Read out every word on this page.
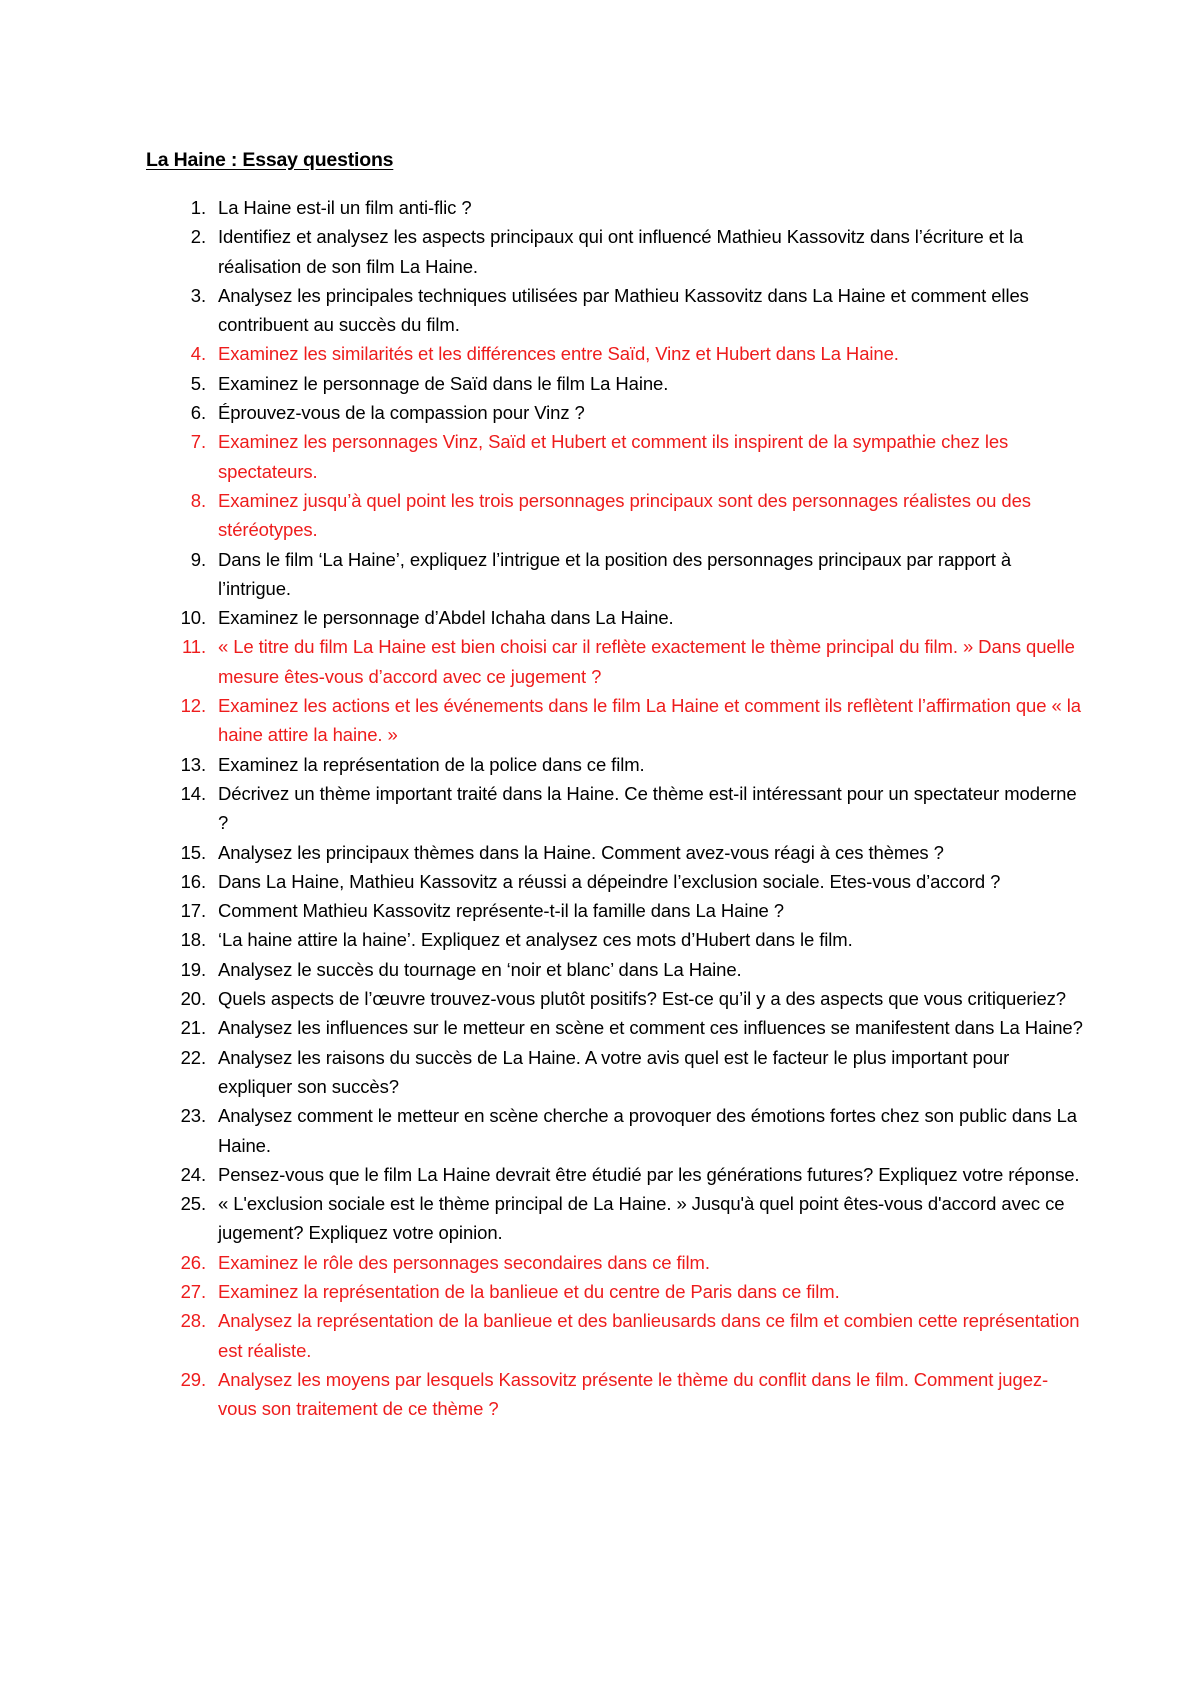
La Haine : Essay questions
1. La Haine est-il un film anti-flic ?
2. Identifiez et analysez les aspects principaux qui ont influencé Mathieu Kassovitz dans l’écriture et la réalisation de son film La Haine.
3. Analysez les principales techniques utilisées par Mathieu Kassovitz dans La Haine et comment elles contribuent au succès du film.
4. Examinez les similarités et les différences entre Saïd, Vinz et Hubert dans La Haine.
5. Examinez le personnage de Saïd dans le film La Haine.
6. Éprouvez-vous de la compassion pour Vinz ?
7. Examinez les personnages Vinz, Saïd et Hubert et comment ils inspirent de la sympathie chez les spectateurs.
8. Examinez jusqu’à quel point les trois personnages principaux sont des personnages réalistes ou des stéréotypes.
9. Dans le film ‘La Haine’, expliquez l’intrigue et la position des personnages principaux par rapport à l’intrigue.
10. Examinez le personnage d’Abdel Ichaha dans La Haine.
11. « Le titre du film La Haine est bien choisi car il reflète exactement le thème principal du film. » Dans quelle mesure êtes-vous d’accord avec ce jugement ?
12. Examinez les actions et les événements dans le film La Haine et comment ils reflètent l’affirmation que « la haine attire la haine. »
13. Examinez la représentation de la police dans ce film.
14. Décrivez un thème important traité dans la Haine. Ce thème est-il intéressant pour un spectateur moderne ?
15. Analysez les principaux thèmes dans la Haine. Comment avez-vous réagi à ces thèmes ?
16. Dans La Haine, Mathieu Kassovitz a réussi a dépeindre l’exclusion sociale. Etes-vous d’accord ?
17. Comment Mathieu Kassovitz représente-t-il la famille dans La Haine ?
18. ‘La haine attire la haine’. Expliquez et analysez ces mots d’Hubert dans le film.
19. Analysez le succès du tournage en ‘noir et blanc’ dans La Haine.
20. Quels aspects de l’œuvre trouvez-vous plutôt positifs? Est-ce qu’il y a des aspects que vous critiqueriez?
21. Analysez les influences sur le metteur en scène et comment ces influences se manifestent dans La Haine?
22. Analysez les raisons du succès de La Haine. A votre avis quel est le facteur le plus important pour expliquer son succès?
23. Analysez comment le metteur en scène cherche a provoquer des émotions fortes chez son public dans La Haine.
24. Pensez-vous que le film La Haine devrait être étudié par les générations futures? Expliquez votre réponse.
25. « L'exclusion sociale est le thème principal de La Haine. » Jusqu'à quel point êtes-vous d'accord avec ce jugement? Expliquez votre opinion.
26. Examinez le rôle des personnages secondaires dans ce film.
27. Examinez la représentation de la banlieue et du centre de Paris dans ce film.
28. Analysez la représentation de la banlieue et des banlieusards dans ce film et combien cette représentation est réaliste.
29. Analysez les moyens par lesquels Kassovitz présente le thème du conflit dans le film. Comment jugez-vous son traitement de ce thème ?
